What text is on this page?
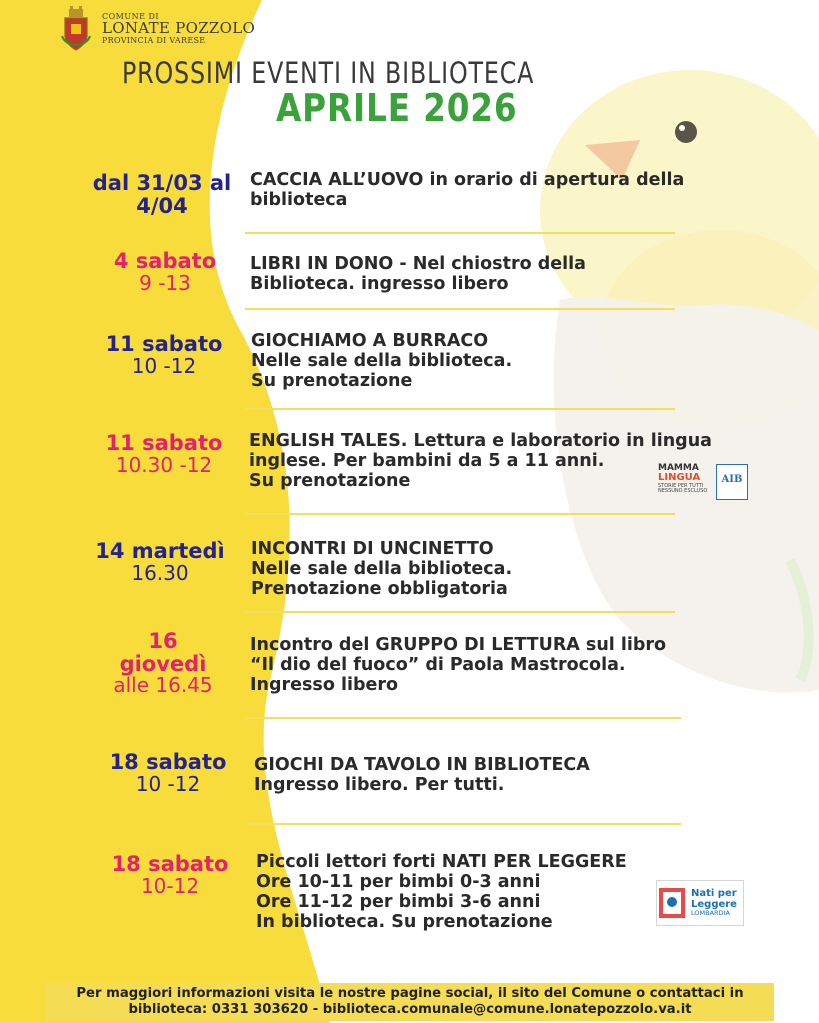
COMUNE DI
LONATE POZZOLO
PROVINCIA DI VARESE
PROSSIMI EVENTI IN BIBLIOTECA
APRILE 2026
dal 31/03 al 4/04
CACCIA ALL’UOVO in orario di apertura della
biblioteca
4 sabato
9 -13
LIBRI IN DONO - Nel chiostro della
Biblioteca. ingresso libero
11 sabato
10 -12
GIOCHIAMO A BURRACO
Nelle sale della biblioteca.
Su prenotazione
11 sabato
10.30 -12
ENGLISH TALES. Lettura e laboratorio in lingua
inglese. Per bambini da 5 a 11 anni.
Su prenotazione
MAMMA
LINGUA
STORIE PER TUTTI NESSUNO ESCLUSO
AIB
14 martedì
16.30
INCONTRI DI UNCINETTO
Nelle sale della biblioteca.
Prenotazione obbligatoria
16 giovedì
alle 16.45
Incontro del GRUPPO DI LETTURA sul libro
“Il dio del fuoco” di Paola Mastrocola.
Ingresso libero
18 sabato
10 -12
GIOCHI DA TAVOLO IN BIBLIOTECA
Ingresso libero. Per tutti.
18 sabato
10-12
Piccoli lettori forti NATI PER LEGGERE
Ore 10-11 per bimbi 0-3 anni
Ore 11-12 per bimbi 3-6 anni
In biblioteca. Su prenotazione
Nati per
Leggere
LOMBARDIA
Per maggiori informazioni visita le nostre pagine social, il sito del Comune o contattaci in
biblioteca: 0331 303620 - biblioteca.comunale@comune.lonatepozzolo.va.it
